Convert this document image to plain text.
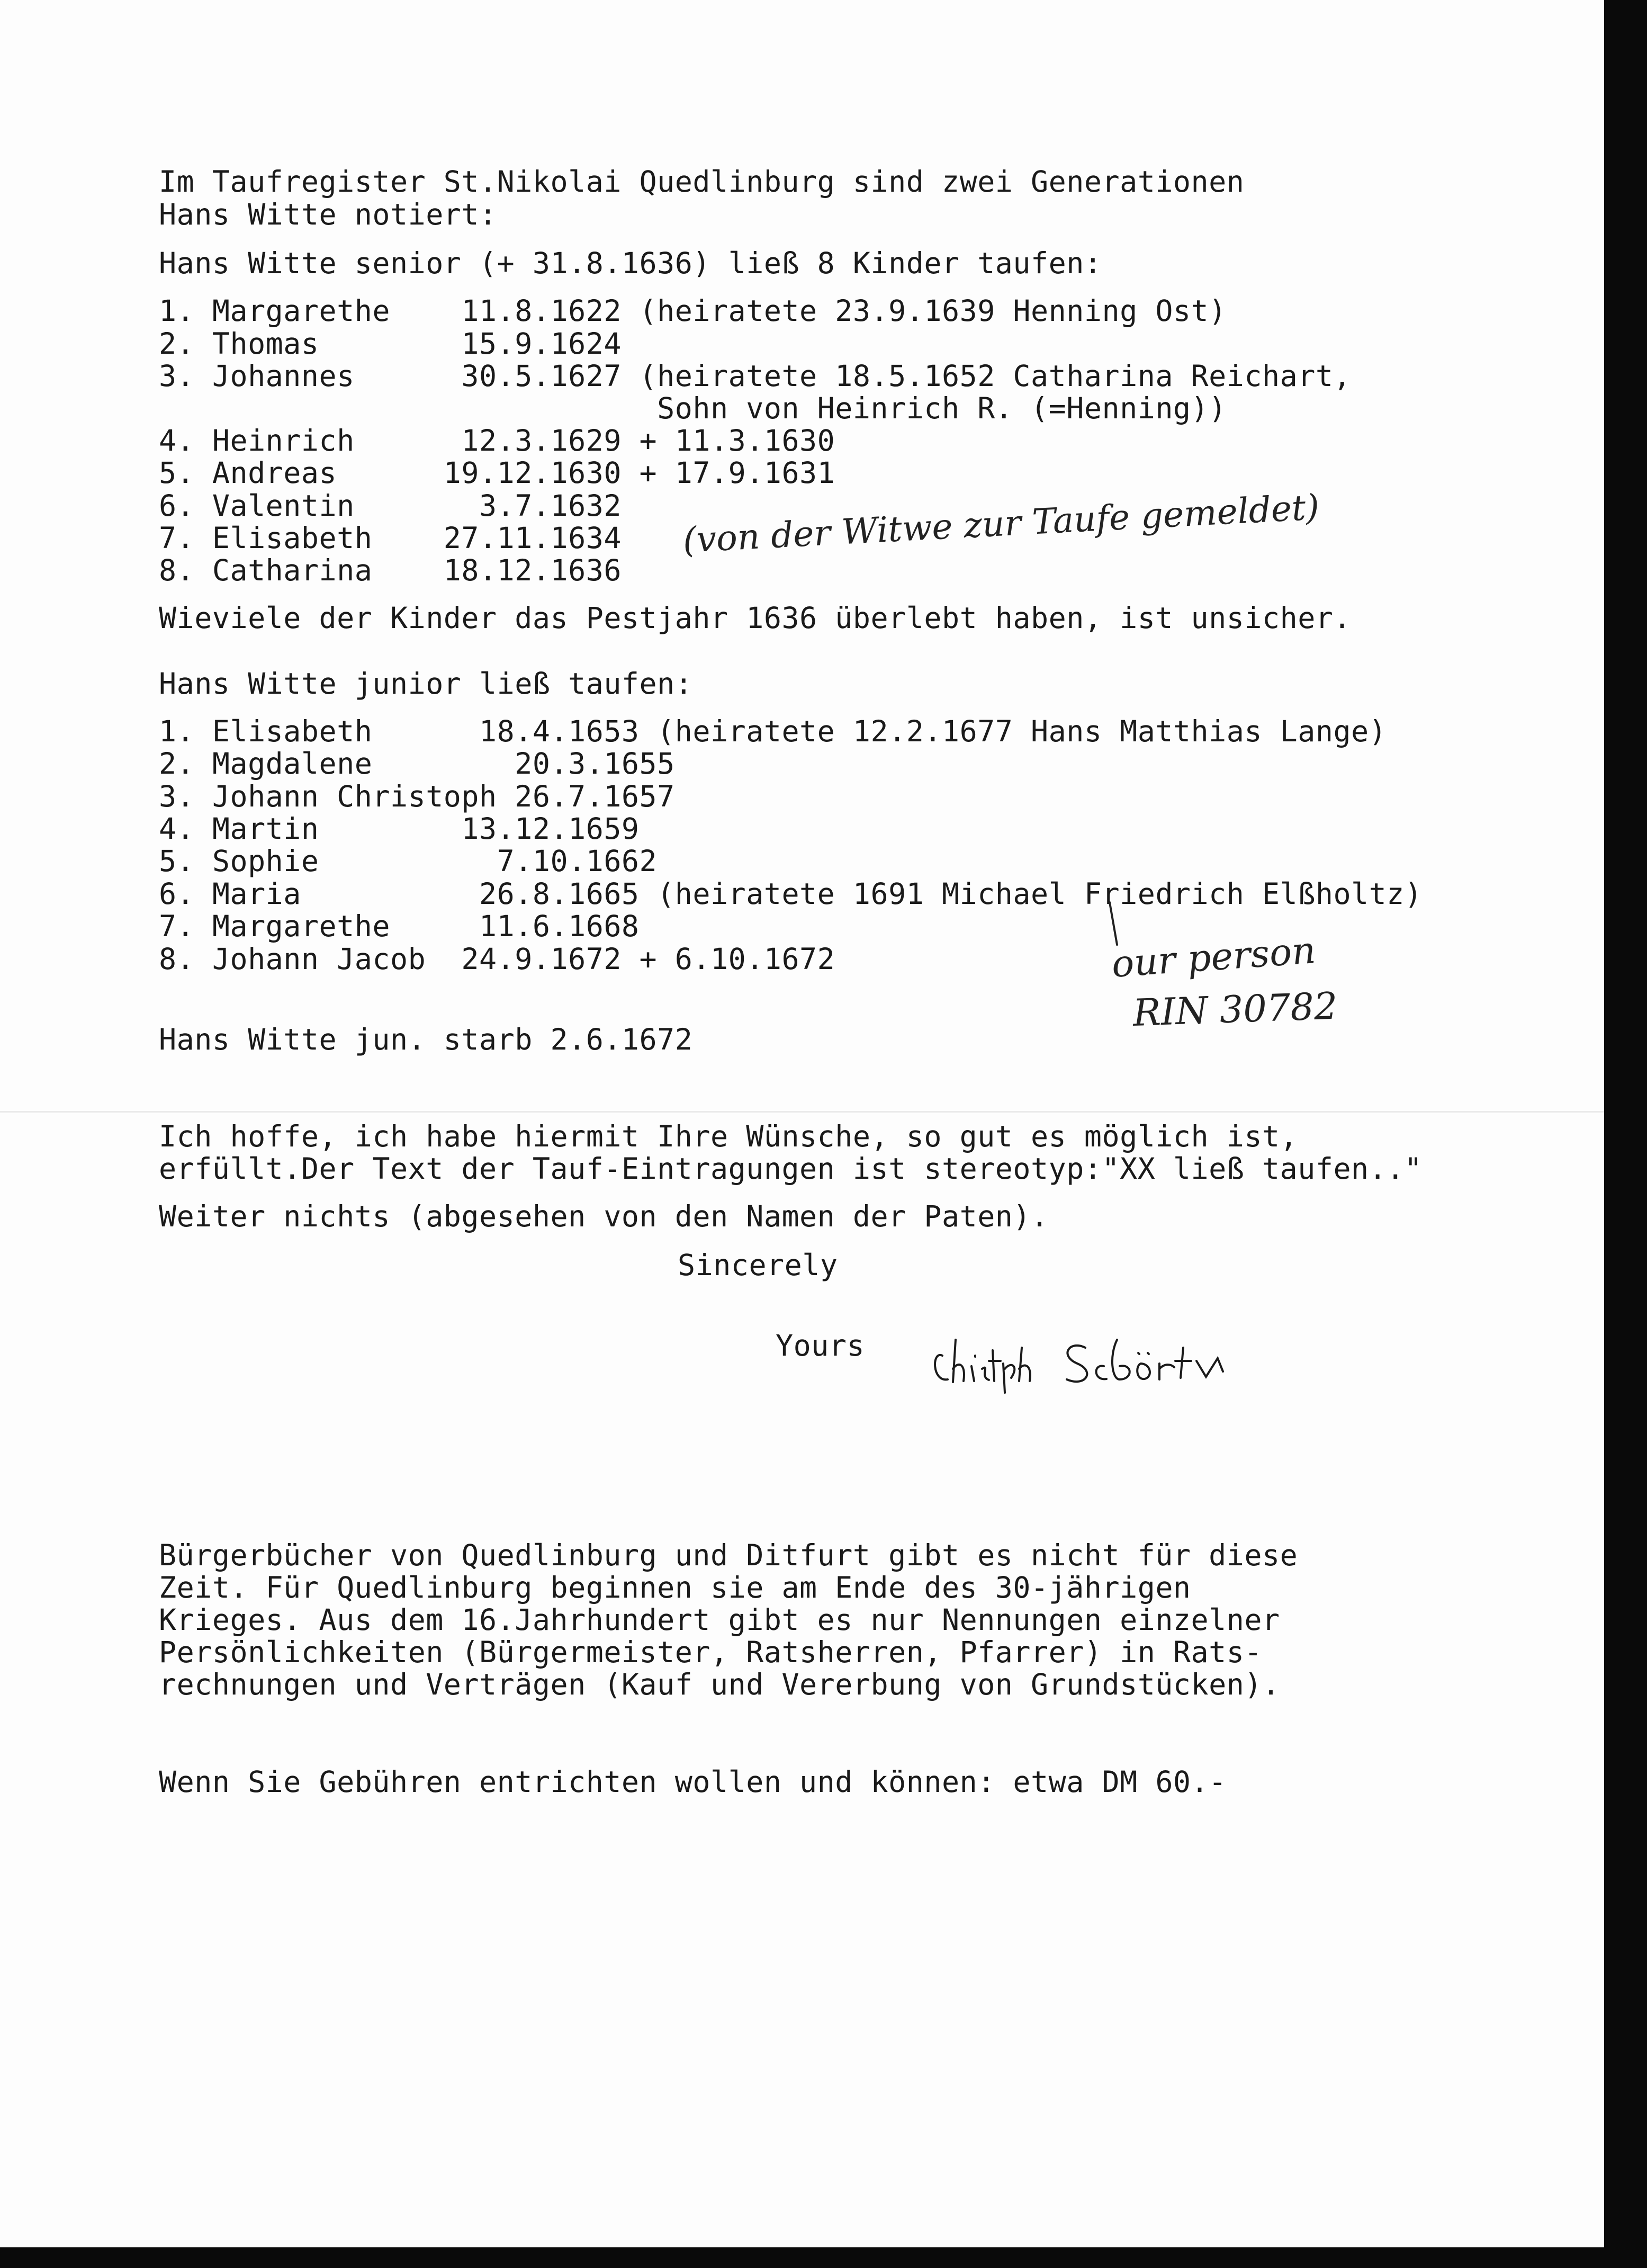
Im Taufregister St.Nikolai Quedlinburg sind zwei Generationen
Hans Witte notiert:
Hans Witte senior (+ 31.8.1636) ließ 8 Kinder taufen:
1. Margarethe    11.8.1622 (heiratete 23.9.1639 Henning Ost)
2. Thomas        15.9.1624
3. Johannes      30.5.1627 (heiratete 18.5.1652 Catharina Reichart,
Sohn von Heinrich R. (=Henning))
4. Heinrich      12.3.1629 + 11.3.1630
5. Andreas      19.12.1630 + 17.9.1631
6. Valentin       3.7.1632
7. Elisabeth    27.11.1634
8. Catharina    18.12.1636
(von der Witwe zur Taufe gemeldet)
Wieviele der Kinder das Pestjahr 1636 überlebt haben, ist unsicher.
Hans Witte junior ließ taufen:
1. Elisabeth      18.4.1653 (heiratete 12.2.1677 Hans Matthias Lange)
2. Magdalene        20.3.1655
3. Johann Christoph 26.7.1657
4. Martin        13.12.1659
5. Sophie          7.10.1662
6. Maria          26.8.1665 (heiratete 1691 Michael Friedrich Elßholtz)
7. Margarethe     11.6.1668
8. Johann Jacob  24.9.1672 + 6.10.1672	our person
RIN 30782
Hans Witte jun. starb 2.6.1672
Ich hoffe, ich habe hiermit Ihre Wünsche, so gut es möglich ist,
erfüllt.Der Text der Tauf-Eintragungen ist stereotyp:"XX ließ taufen.."
Weiter nichts (abgesehen von den Namen der Paten).
Sincerely
Yours
Bürgerbücher von Quedlinburg und Ditfurt gibt es nicht für diese
Zeit. Für Quedlinburg beginnen sie am Ende des 30-jährigen
Krieges. Aus dem 16.Jahrhundert gibt es nur Nennungen einzelner
Persönlichkeiten (Bürgermeister, Ratsherren, Pfarrer) in Rats-
rechnungen und Verträgen (Kauf und Vererbung von Grundstücken).
Wenn Sie Gebühren entrichten wollen und können: etwa DM 60.-
